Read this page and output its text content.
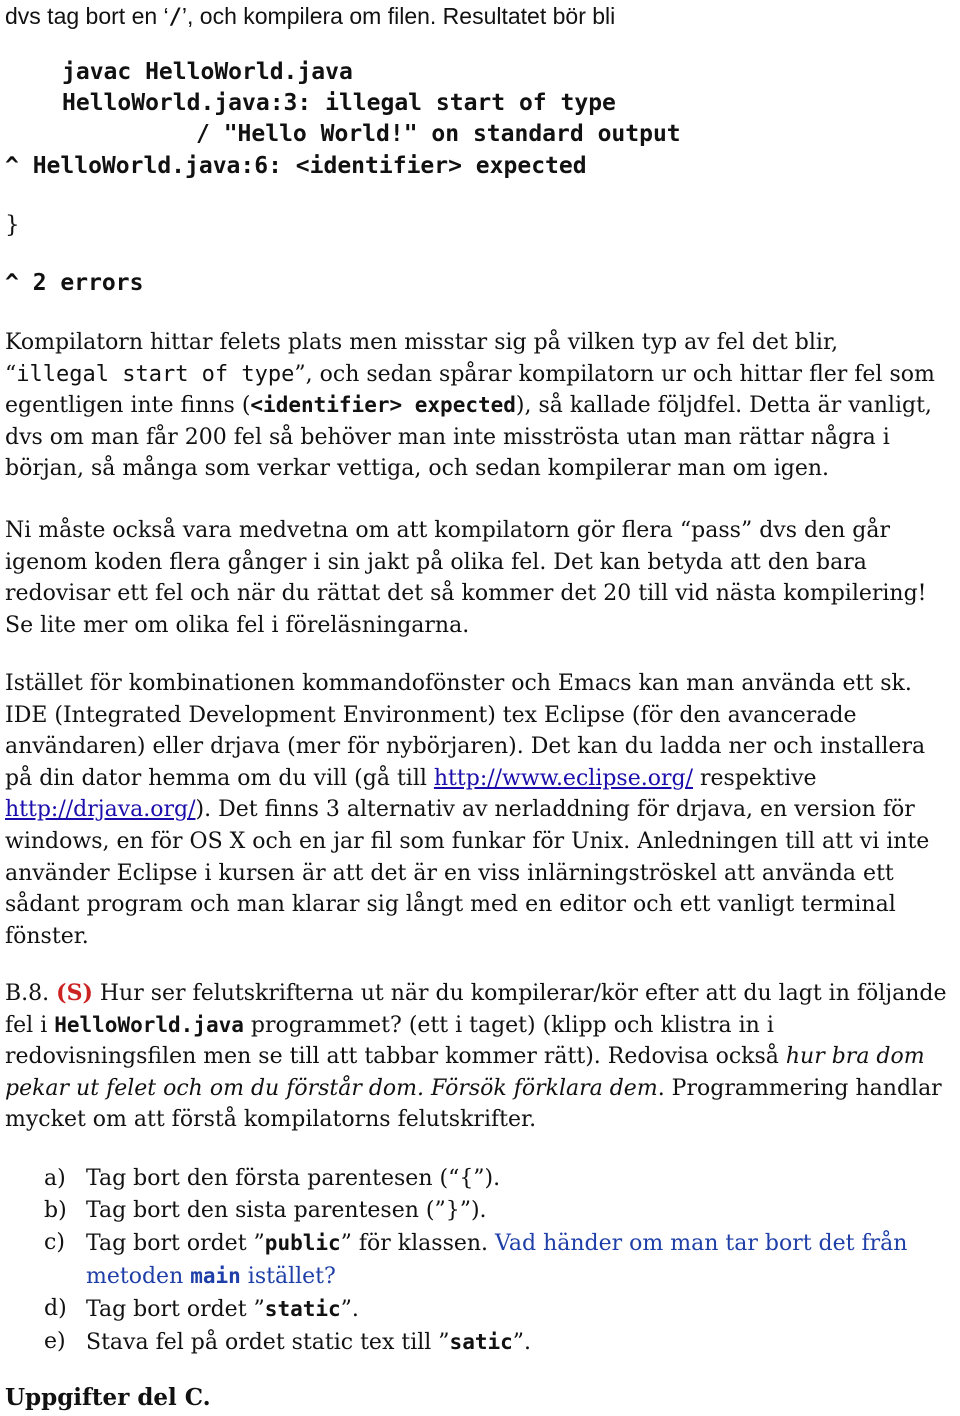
dvs tag bort en ‘/’, och kompilera om filen. Resultatet bör bli
javac HelloWorld.java
HelloWorld.java:3: illegal start of type
/ "Hello World!" on standard output
^ HelloWorld.java:6: <identifier> expected
}
^ 2 errors

Kompilatorn hittar felets plats men misstar sig på vilken typ av fel det blir,
“illegal start of type”, och sedan spårar kompilatorn ur och hittar fler fel som egentligen inte finns (<identifier> expected), så kallade följdfel. Detta är vanligt, dvs om man får 200 fel så behöver man inte misströsta utan man rättar några i början, så många som verkar vettiga, och sedan kompilerar man om igen.

Ni måste också vara medvetna om att kompilatorn gör flera “pass” dvs den går igenom koden flera gånger i sin jakt på olika fel. Det kan betyda att den bara redovisar ett fel och när du rättat det så kommer det 20 till vid nästa kompilering! Se lite mer om olika fel i föreläsningarna.

Istället för kombinationen kommandofönster och Emacs kan man använda ett sk. IDE (Integrated Development Environment) tex Eclipse (för den avancerade användaren) eller drjava (mer för nybörjaren). Det kan du ladda ner och installera på din dator hemma om du vill (gå till http://www.eclipse.org/ respektive http://drjava.org/). Det finns 3 alternativ av nerladdning för drjava, en version för windows, en för OS X och en jar fil som funkar för Unix. Anledningen till att vi inte använder Eclipse i kursen är att det är en viss inlärningströskel att använda ett sådant program och man klarar sig långt med en editor och ett vanligt terminal fönster.

B.8. (S) Hur ser felutskrifterna ut när du kompilerar/kör efter att du lagt in följande fel i HelloWorld.java programmet? (ett i taget) (klipp och klistra in i redovisningsfilen men se till att tabbar kommer rätt). Redovisa också hur bra dom pekar ut felet och om du förstår dom. Försök förklara dem. Programmering handlar mycket om att förstå kompilatorns felutskrifter.

a) Tag bort den första parentesen (“{”).
b) Tag bort den sista parentesen (”}”).
c) Tag bort ordet ”public” för klassen. Vad händer om man tar bort det från metoden main istället?
d) Tag bort ordet ”static”.
e) Stava fel på ordet static tex till ”satic”.
Uppgifter del C.
